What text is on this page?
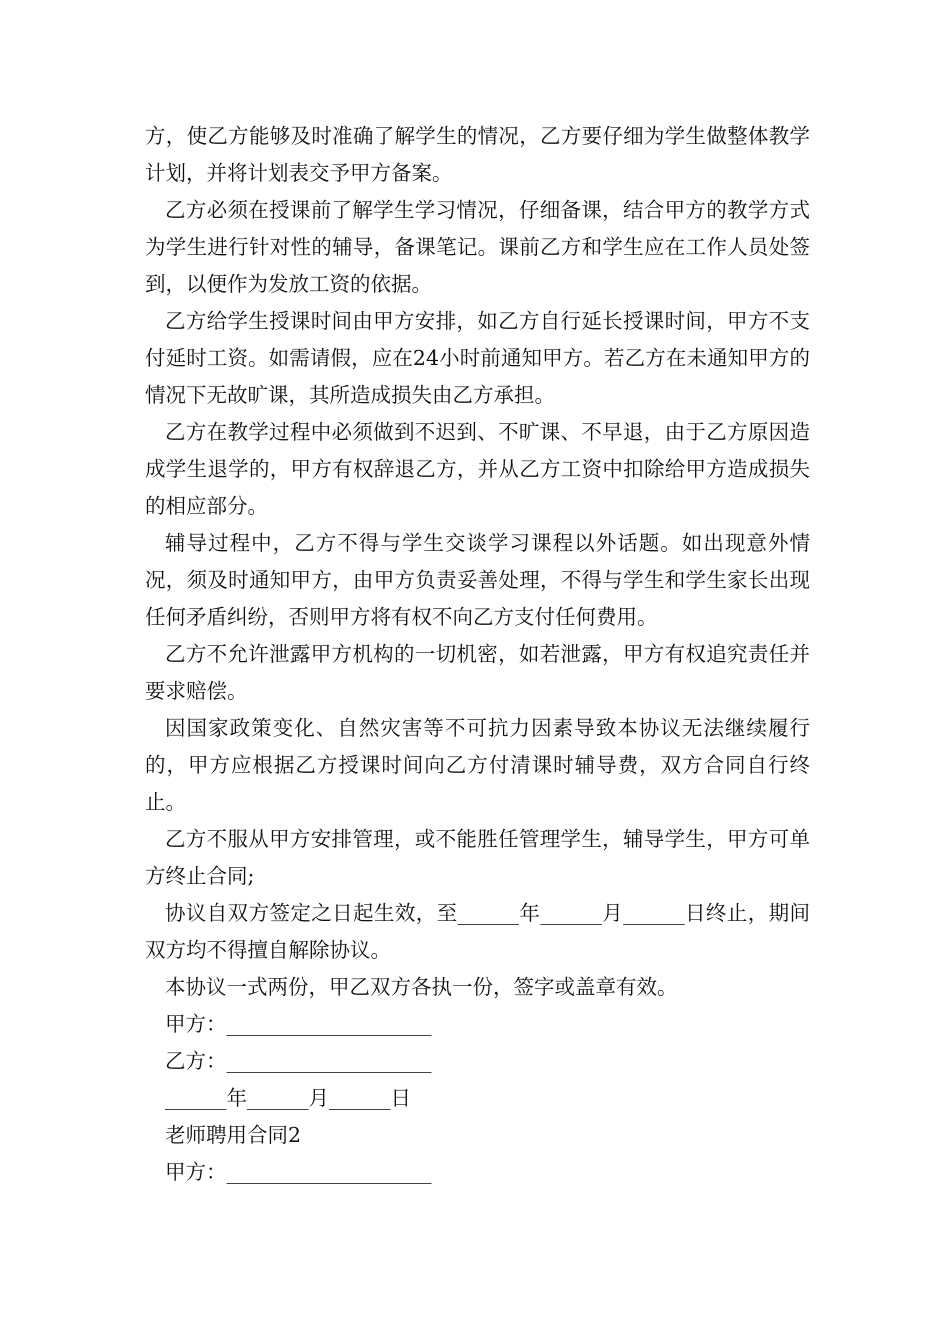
方，使乙方能够及时准确了解学生的情况，乙方要仔细为学生做整体教学计划，并将计划表交予甲方备案。

乙方必须在授课前了解学生学习情况，仔细备课，结合甲方的教学方式为学生进行针对性的辅导，备课笔记。课前乙方和学生应在工作人员处签到，以便作为发放工资的依据。

乙方给学生授课时间由甲方安排，如乙方自行延长授课时间，甲方不支付延时工资。如需请假，应在24小时前通知甲方。若乙方在未通知甲方的情况下无故旷课，其所造成损失由乙方承担。

乙方在教学过程中必须做到不迟到、不旷课、不早退，由于乙方原因造成学生退学的，甲方有权辞退乙方，并从乙方工资中扣除给甲方造成损失的相应部分。

辅导过程中，乙方不得与学生交谈学习课程以外话题。如出现意外情况，须及时通知甲方，由甲方负责妥善处理，不得与学生和学生家长出现任何矛盾纠纷，否则甲方将有权不向乙方支付任何费用。

乙方不允许泄露甲方机构的一切机密，如若泄露，甲方有权追究责任并要求赔偿。

因国家政策变化、自然灾害等不可抗力因素导致本协议无法继续履行的，甲方应根据乙方授课时间向乙方付清课时辅导费，双方合同自行终止。

乙方不服从甲方安排管理，或不能胜任管理学生，辅导学生，甲方可单方终止合同;

协议自双方签定之日起生效，至______年______月______日终止，期间双方均不得擅自解除协议。

本协议一式两份，甲乙双方各执一份，签字或盖章有效。

甲方：____________________

乙方：____________________

______年______月______日

老师聘用合同2

甲方：____________________
